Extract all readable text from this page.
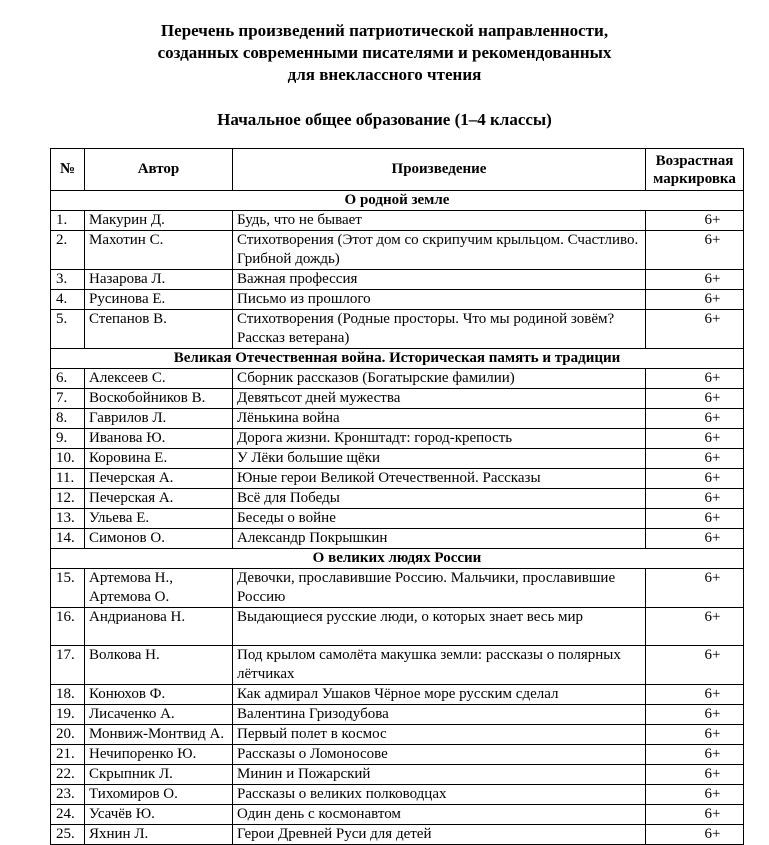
Перечень произведений патриотической направленности,
созданных современными писателями и рекомендованных
для внеклассного чтения
Начальное общее образование (1–4 классы)
№	Автор	Произведение	Возрастная
маркировка

О родной земле			
1.	Макурин Д.	Будь, что не бывает	6+
2.	Махотин С.	Стихотворения (Этот дом со скрипучим крыльцом. Счастливо. Грибной дождь)	6+
3.	Назарова Л.	Важная профессия	6+
4.	Русинова Е.	Письмо из прошлого	6+
5.	Степанов В.	Стихотворения (Родные просторы. Что мы родиной зовём? Рассказ ветерана)	6+
Великая Отечественная война. Историческая память и традиции			
6.	Алексеев С.	Сборник рассказов (Богатырские фамилии)	6+
7.	Воскобойников В.	Девятьсот дней мужества	6+
8.	Гаврилов Л.	Лёнькина война	6+
9.	Иванова Ю.	Дорога жизни. Кронштадт: город-крепость	6+
10.	Коровина Е.	У Лёки большие щёки	6+
11.	Печерская А.	Юные герои Великой Отечественной. Рассказы	6+
12.	Печерская А.	Всё для Победы	6+
13.	Ульева Е.	Беседы о войне	6+
14.	Симонов О.	Александр Покрышкин	6+
О великих людях России			
15.	Артемова Н., Артемова О.	Девочки, прославившие Россию. Мальчики, прославившие Россию	6+
16.	Андрианова Н.	Выдающиеся русские люди, о которых знает весь мир	6+
17.	Волкова Н.	Под крылом самолёта макушка земли: рассказы о полярных лётчиках	6+
18.	Конюхов Ф.	Как адмирал Ушаков Чёрное море русским сделал	6+
19.	Лисаченко А.	Валентина Гризодубова	6+
20.	Монвиж-Монтвид А.	Первый полет в космос	6+
21.	Нечипоренко Ю.	Рассказы о Ломоносове	6+
22.	Скрыпник Л.	Минин и Пожарский	6+
23.	Тихомиров О.	Рассказы о великих полководцах	6+
24.	Усачёв Ю.	Один день с космонавтом	6+
25.	Яхнин Л.	Герои Древней Руси для детей	6+
